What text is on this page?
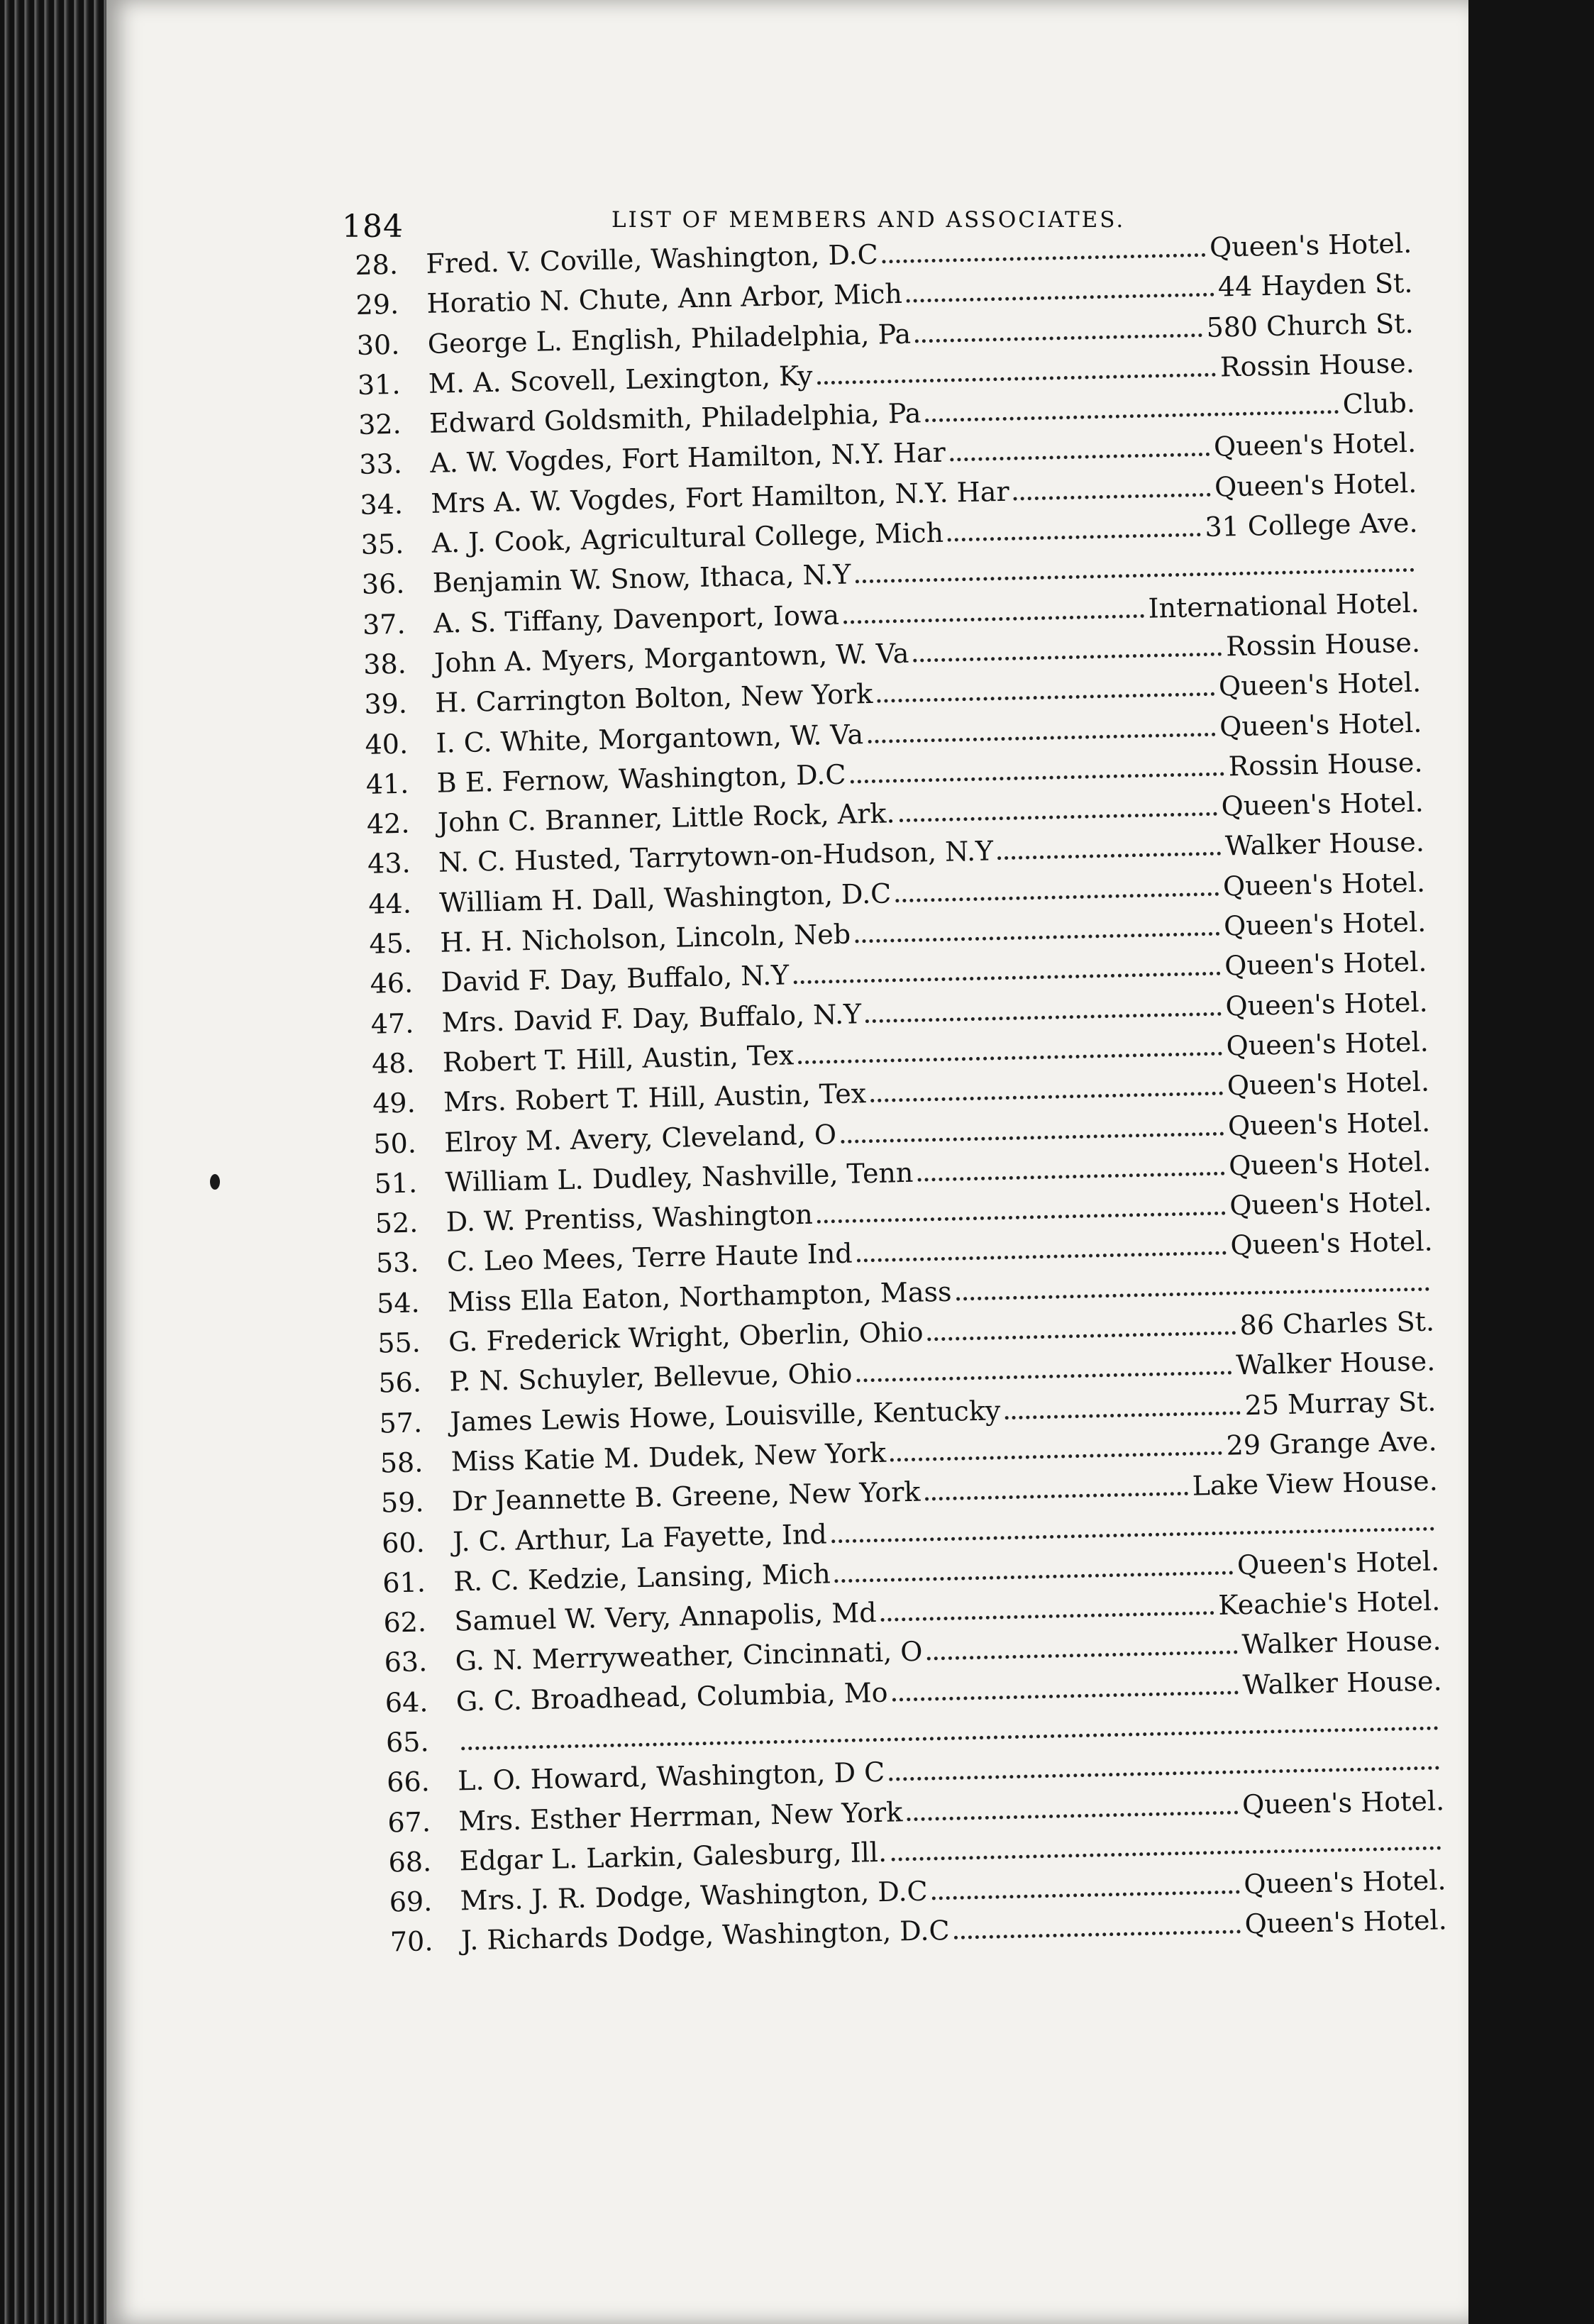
184	LIST OF MEMBERS AND ASSOCIATES.
28.	Fred. V. Coville, Washington, D.C	Queen's Hotel.
29.	Horatio N. Chute, Ann Arbor, Mich	44 Hayden St.
30.	George L. English, Philadelphia, Pa	580 Church St.
31.	M. A. Scovell, Lexington, Ky	Rossin House.
32.	Edward Goldsmith, Philadelphia, Pa	Club.
33.	A. W. Vogdes, Fort Hamilton, N.Y. Har	Queen's Hotel.
34.	Mrs A. W. Vogdes, Fort Hamilton, N.Y. Har	Queen's Hotel.
35.	A. J. Cook, Agricultural College, Mich	31 College Ave.
36.	Benjamin W. Snow, Ithaca, N.Y
37.	A. S. Tiffany, Davenport, Iowa	International Hotel.
38.	John A. Myers, Morgantown, W. Va	Rossin House.
39.	H. Carrington Bolton, New York	Queen's Hotel.
40.	I. C. White, Morgantown, W. Va	Queen's Hotel.
41.	B E. Fernow, Washington, D.C	Rossin House.
42.	John C. Branner, Little Rock, Ark.	Queen's Hotel.
43.	N. C. Husted, Tarrytown-on-Hudson, N.Y	Walker House.
44.	William H. Dall, Washington, D.C	Queen's Hotel.
45.	H. H. Nicholson, Lincoln, Neb	Queen's Hotel.
46.	David F. Day, Buffalo, N.Y	Queen's Hotel.
47.	Mrs. David F. Day, Buffalo, N.Y	Queen's Hotel.
48.	Robert T. Hill, Austin, Tex	Queen's Hotel.
49.	Mrs. Robert T. Hill, Austin, Tex	Queen's Hotel.
50.	Elroy M. Avery, Cleveland, O	Queen's Hotel.
51.	William L. Dudley, Nashville, Tenn	Queen's Hotel.
52.	D. W. Prentiss, Washington	Queen's Hotel.
53.	C. Leo Mees, Terre Haute Ind	Queen's Hotel.
54.	Miss Ella Eaton, Northampton, Mass
55.	G. Frederick Wright, Oberlin, Ohio	86 Charles St.
56.	P. N. Schuyler, Bellevue, Ohio	Walker House.
57.	James Lewis Howe, Louisville, Kentucky	25 Murray St.
58.	Miss Katie M. Dudek, New York	29 Grange Ave.
59.	Dr Jeannette B. Greene, New York	Lake View House.
60.	J. C. Arthur, La Fayette, Ind
61.	R. C. Kedzie, Lansing, Mich	Queen's Hotel.
62.	Samuel W. Very, Annapolis, Md	Keachie's Hotel.
63.	G. N. Merryweather, Cincinnati, O	Walker House.
64.	G. C. Broadhead, Columbia, Mo	Walker House.
65.
66.	L. O. Howard, Washington, D C
67.	Mrs. Esther Herrman, New York	Queen's Hotel.
68.	Edgar L. Larkin, Galesburg, Ill.
69.	Mrs. J. R. Dodge, Washington, D.C	Queen's Hotel.
70.	J. Richards Dodge, Washington, D.C	Queen's Hotel.
